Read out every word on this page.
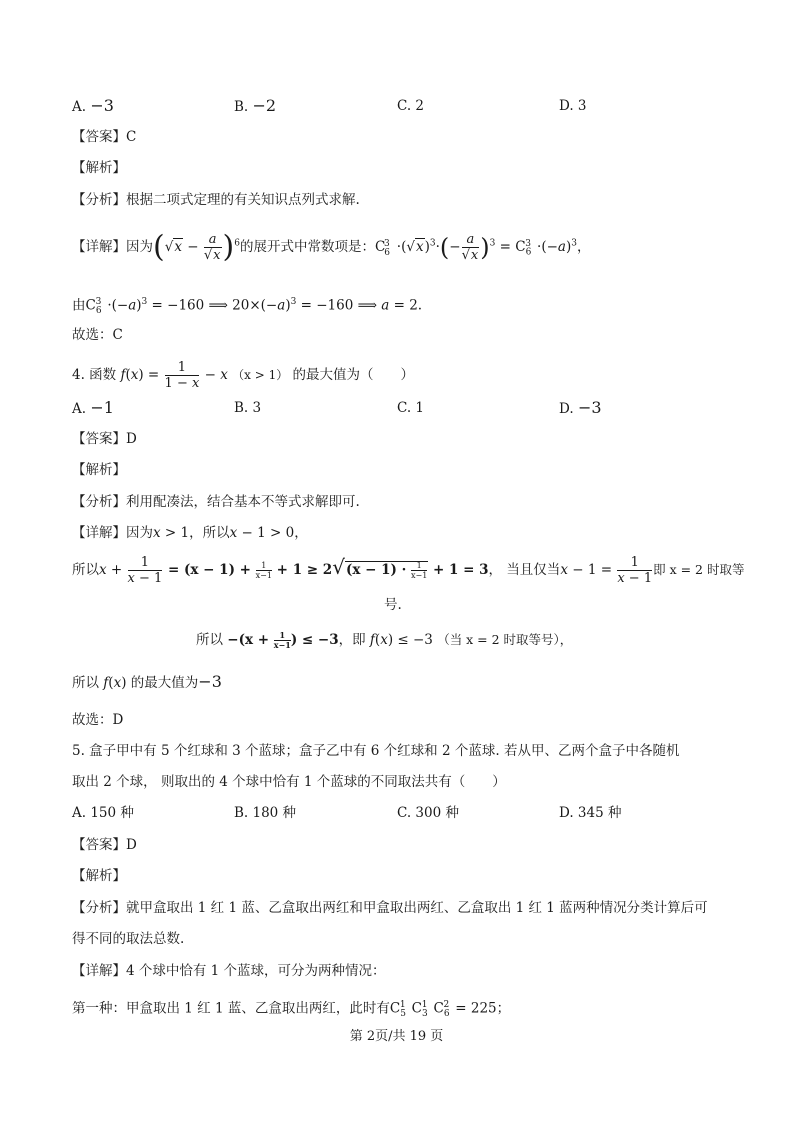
A. −3	B. −2	C. 2	D. 3
【答案】C
【解析】
【分析】根据二项式定理的有关知识点列式求解.
【详解】因为$(√x - \frac{a}{√x} )^6$的展开式中常数项是：$C_6^3 \cdot(√x)^3\cdot(- \frac{a}{√x} )^3 = C_6^3 \cdot(-a)^3$，
由$C_6^3 \cdot(-a)^3 = -160$ ⟹ $20\times(-a)^3 = -160$ ⟹ a = 2.
故选：C
4. 函数 $f(x) = \frac{1}{1 - x} - x$ （x > 1） 的最大值为（　　）
A. −1	B. 3	C. 1	D. −3
【答案】D
【解析】
【分析】利用配凑法，结合基本不等式求解即可.
【详解】因为x > 1，所以x − 1 > 0，
所以$x + \frac{1}{x - 1} = (x - 1) + \frac{1}{x-1} + 1 \ge 2√(x - 1) \cdot \frac{1}{x-1} + 1 = 3$， 当且仅当$x - 1 = \frac{1}{x - 1}$ 即 x = 2 时取等
号.
所以 $-(x + \frac{1}{x-1}$ ) ≤ −3，即 f(x) ≤ −3 （当 x = 2 时取等号），
所以 f(x) 的最大值为−3
故选：D
5. 盒子甲中有 5 个红球和 3 个蓝球；盒子乙中有 6 个红球和 2 个蓝球. 若从甲、乙两个盒子中各随机
取出 2 个球， 则取出的 4 个球中恰有 1 个蓝球的不同取法共有（　　）
A. 150 种	B. 180 种	C. 300 种	D. 345 种
【答案】D
【解析】
【分析】就甲盒取出 1 红 1 蓝、乙盒取出两红和甲盒取出两红、乙盒取出 1 红 1 蓝两种情况分类计算后可
得不同的取法总数.
【详解】4 个球中恰有 1 个蓝球，可分为两种情况：
第一种：甲盒取出 1 红 1 蓝、乙盒取出两红，此时有$C_5^1$ $C_3^1$ $C_6^2 = 225$；
第 2页/共 19 页
